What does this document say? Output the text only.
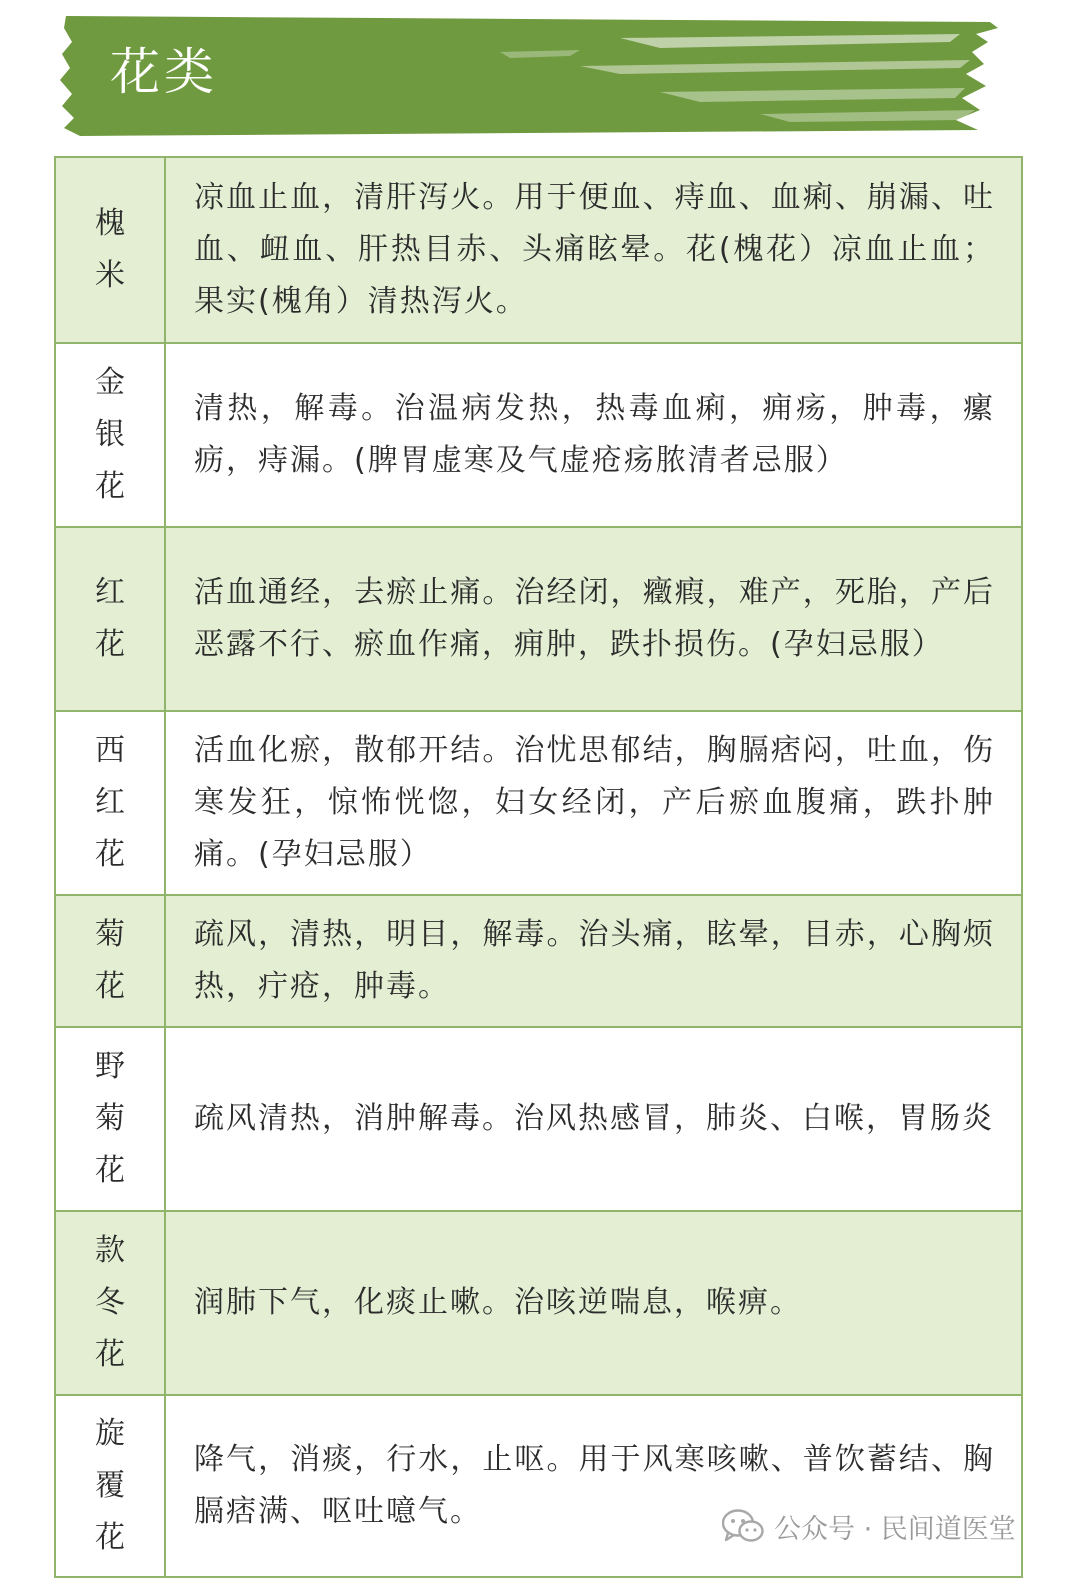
花类
槐米	凉血止血，清肝泻火。用于便血、痔血、血痢、崩漏、吐血、衄血、肝热目赤、头痛眩晕。花(槐花）凉血止血；果实(槐角）清热泻火。

金银花	清热，解毒。治温病发热，热毒血痢，痈疡，肿毒，瘰疬，痔漏。(脾胃虚寒及气虚疮疡脓清者忌服）

红花	活血通经，去瘀止痛。治经闭，癥瘕，难产，死胎，产后恶露不行、瘀血作痛，痈肿，跌扑损伤。(孕妇忌服）

西红花	活血化瘀，散郁开结。治忧思郁结，胸膈痞闷，吐血，伤寒发狂，惊怖恍惚，妇女经闭，产后瘀血腹痛，跌扑肿痛。(孕妇忌服）

菊花	疏风，清热，明目，解毒。治头痛，眩晕，目赤，心胸烦热，疔疮，肿毒。

野菊花	疏风清热，消肿解毒。治风热感冒，肺炎、白喉，胃肠炎

款冬花	润肺下气，化痰止嗽。治咳逆喘息，喉痹。

旋覆花	降气，消痰，行水，止呕。用于风寒咳嗽、普饮蓄结、胸膈痞满、呕吐噫气。	公众号 · 民间道医堂
